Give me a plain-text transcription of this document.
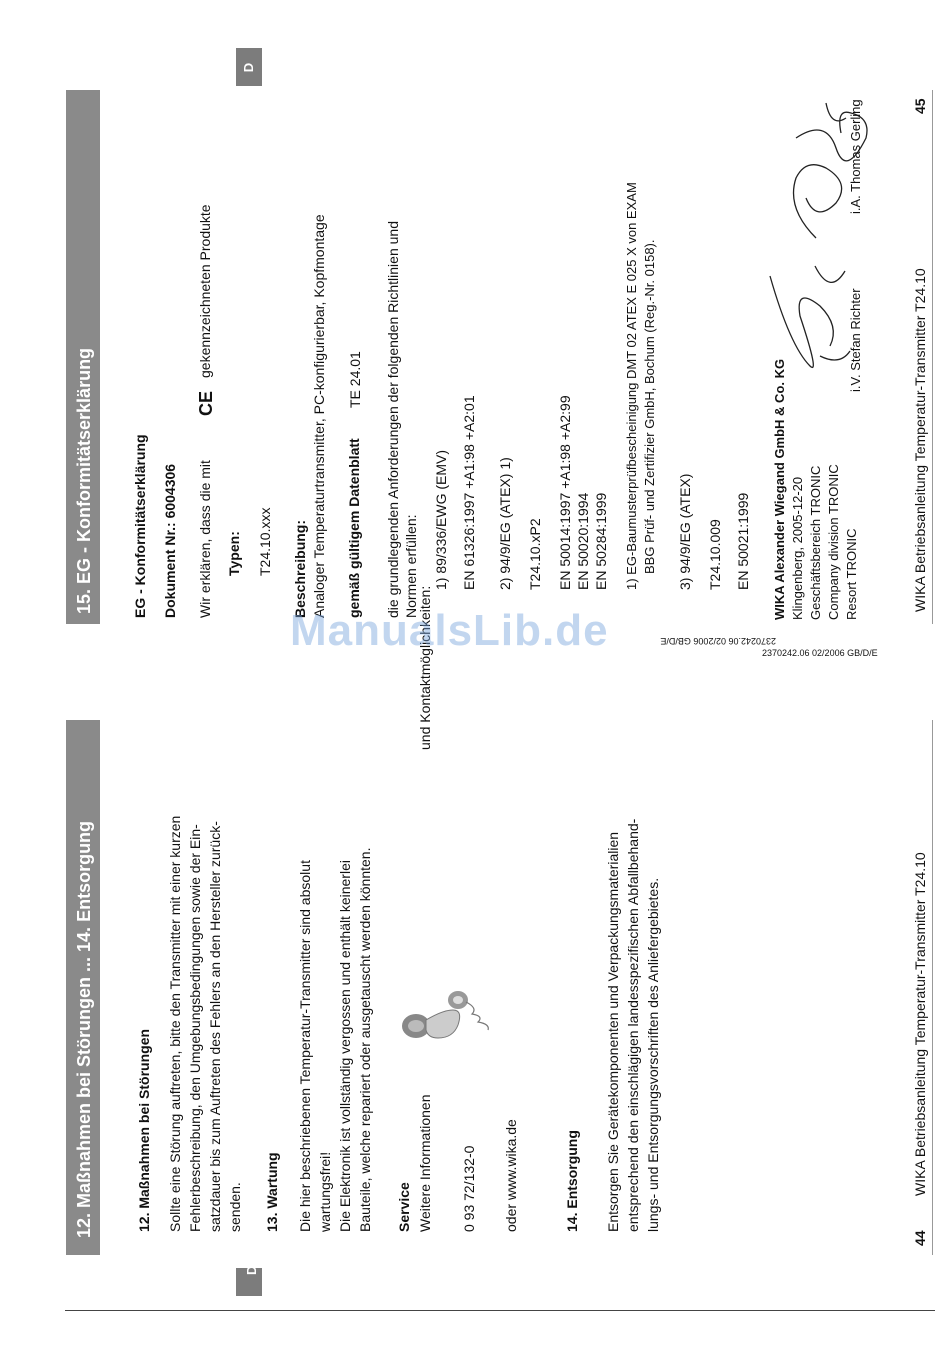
D
12. Maßnahmen bei Störungen ... 14. Entsorgung	12. Maßnahmen bei Störungen Sollte eine Störung auftreten, bitte den Transmitter mit einer kurzen Fehlerbeschreibung, den Umgebungsbedingungen sowie der Ein- satzdauer bis zum Auftreten des Fehlers an den Hersteller zurück- senden. 13. Wartung Die hier beschriebenen Temperatur-Transmitter sind absolut wartungsfrei! Die Elektronik ist vollständig vergossen und enthält keinerlei Bauteile, welche repariert oder ausgetauscht werden könnten. Service Weitere Informationen
und Kontaktmöglichkeiten:
0 93 72/132-0 oder www.wika.de	14. Entsorgung Entsorgen Sie Gerätekomponenten und Verpackungsmaterialien entsprechend den einschlägigen landesspezifischen Abfallbehand- lungs- und Entsorgungsvorschriften des Anliefergebietes.	WIKA Betriebsanleitung Temperatur-Transmitter T24.10
44
2370242.06 02/2006 GB/D/E
2370242.06 02/2006 GB/D/E
D
15. EG - Konformitätserklärung	EG - Konformitätserklärung Dokument Nr.: 6004306 Wir erklären, dass die mit
CE
gekennzeichneten Produkte
Typen: T24.10.xxx Beschreibung: Analoger Temperaturtransmitter, PC-konfigurierbar, Kopfmontage gemäß gültigem Datenblatt
TE 24.01 die grundlegenden Anforderungen der folgenden Richtlinien und Normen erfüllen: 1) 89/336/EWG (EMV) EN 61326:1997 +A1:98 +A2:01 2) 94/9/EG (ATEX) 1) T24.10.xP2 EN 50014:1997 +A1:98 +A2:99 EN 50020:1994 EN 50284:1999 1) EG-Baumusterprüfbescheinigung DMT 02 ATEX E 025 X von EXAM BBG Prüf- und Zertifizier GmbH, Bochum (Reg.-Nr. 0158). 3) 94/9/EG (ATEX) T24.10.009 EN 50021:1999 WIKA Alexander Wiegand GmbH & Co. KG Klingenberg, 2005-12-20 Geschäftsbereich TRONIC Company division TRONIC Resort TRONIC
i.V. Stefan Richter
i.A. Thomas Gerling
WIKA Betriebsanleitung Temperatur-Transmitter T24.10
45
ManualsLib.de
